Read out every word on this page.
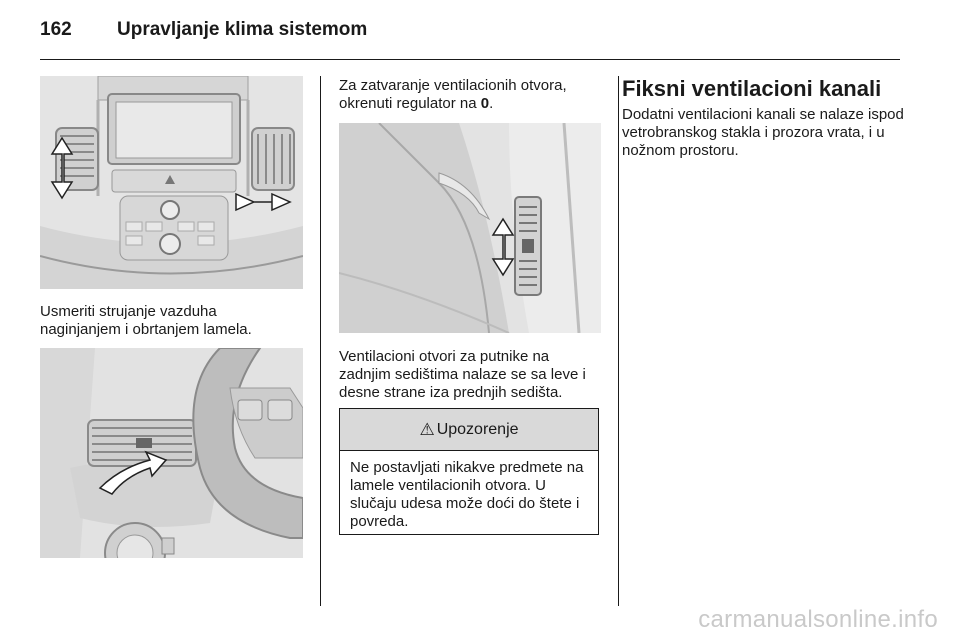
162 Upravljanje klima sistemom

Usmeriti strujanje vazduha

naginjanjem i obrtanjem lamela.

Za zatvaranje ventilacionih otvora, okrenuti regulator na 0.

Ventilacioni otvori za putnike na zadnjim sedištima nalaze se sa leve i desne strane iza prednjih sedišta.

⚠ Upozorenje
Ne postavljati nikakve predmete na lamele ventilacionih otvora. U slučaju udesa može doći do štete i povreda.
Fiksni ventilacioni kanali

Dodatni ventilacioni kanali se nalaze ispod vetrobranskog stakla i prozora vrata, i u nožnom prostoru.

carmanualsonline.info
